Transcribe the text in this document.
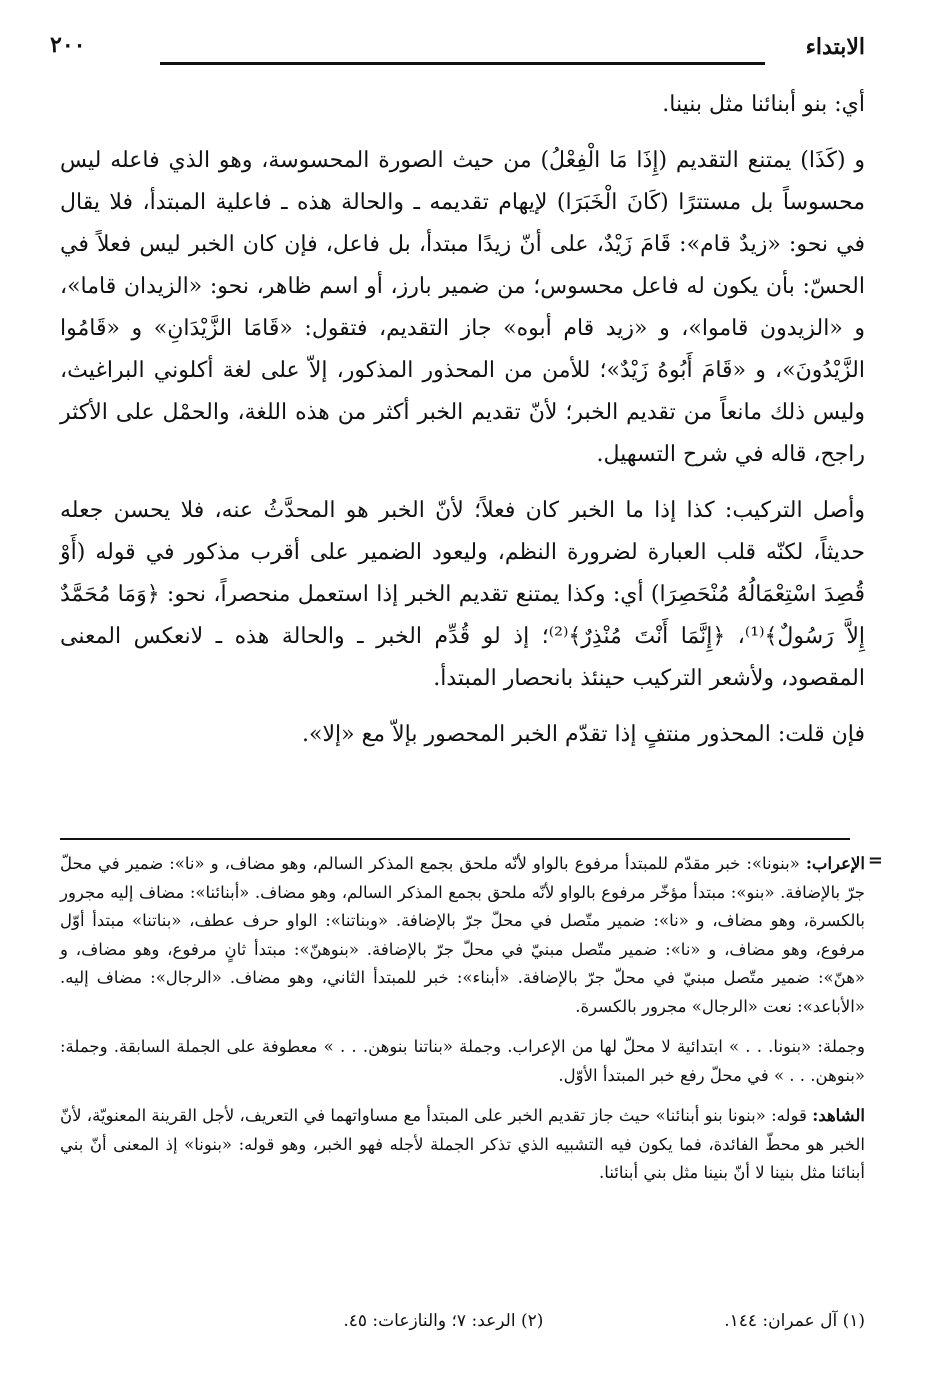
الابتداء
٢٠٠

أي: بنو أبنائنا مثل بنينا.

و (كَذَا) يمتنع التقديم (إِذَا مَا الْفِعْلُ) من حيث الصورة المحسوسة، وهو الذي فاعله ليس محسوساً بل مستترًا (كَانَ الْخَبَرَا) لإيهام تقديمه ـ والحالة هذه ـ فاعلية المبتدأ، فلا يقال في نحو: «زيدٌ قام»: قَامَ زَيْدٌ، على أنّ زيدًا مبتدأ، بل فاعل، فإن كان الخبر ليس فعلاً في الحسّ: بأن يكون له فاعل محسوس؛ من ضمير بارز، أو اسم ظاهر، نحو: «الزيدان قاما»، و «الزيدون قاموا»، و «زيد قام أبوه» جاز التقديم، فتقول: «قَامَا الزَّيْدَانِ» و «قَامُوا الزَّيْدُونَ»، و «قَامَ أَبُوهُ زَيْدٌ»؛ للأمن من المحذور المذكور، إلاّ على لغة أكلوني البراغيث، وليس ذلك مانعاً من تقديم الخبر؛ لأنّ تقديم الخبر أكثر من هذه اللغة، والحمْل على الأكثر راجح، قاله في شرح التسهيل.

وأصل التركيب: كذا إذا ما الخبر كان فعلاً؛ لأنّ الخبر هو المحدَّثُ عنه، فلا يحسن جعله حديثاً، لكنّه قلب العبارة لضرورة النظم، وليعود الضمير على أقرب مذكور في قوله (أَوْ قُصِدَ اسْتِعْمَالُهُ مُنْحَصِرَا) أي: وكذا يمتنع تقديم الخبر إذا استعمل منحصراً، نحو: ﴿وَمَا مُحَمَّدٌ إِلاَّ رَسُولٌ﴾⁽¹⁾، ﴿إِنَّمَا أَنْتَ مُنْذِرٌ﴾⁽²⁾؛ إذ لو قُدِّم الخبر ـ والحالة هذه ـ لانعكس المعنى المقصود، ولأشعر التركيب حينئذ بانحصار المبتدأ.

فإن قلت: المحذور منتفٍ إذا تقدّم الخبر المحصور بإلاّ مع «إلا».

=

الإعراب: «بنونا»: خبر مقدّم للمبتدأ مرفوع بالواو لأنّه ملحق بجمع المذكر السالم، وهو مضاف، و «نا»: ضمير في محلّ جرّ بالإضافة. «بنو»: مبتدأ مؤخّر مرفوع بالواو لأنّه ملحق بجمع المذكر السالم، وهو مضاف. «أبنائنا»: مضاف إليه مجرور بالكسرة، وهو مضاف، و «نا»: ضمير متّصل في محلّ جرّ بالإضافة. «وبناتنا»: الواو حرف عطف، «بناتنا» مبتدأ أوّل مرفوع، وهو مضاف، و «نا»: ضمير متّصل مبنيّ في محلّ جرّ بالإضافة. «بنوهنّ»: مبتدأ ثانٍ مرفوع، وهو مضاف، و «هنّ»: ضمير متّصل مبنيّ في محلّ جرّ بالإضافة. «أبناء»: خبر للمبتدأ الثاني، وهو مضاف. «الرجال»: مضاف إليه. «الأباعد»: نعت «الرجال» مجرور بالكسرة.

وجملة: «بنونا. . . » ابتدائية لا محلّ لها من الإعراب. وجملة «بناتنا بنوهن. . . » معطوفة على الجملة السابقة. وجملة: «بنوهن. . . » في محلّ رفع خبر المبتدأ الأوّل.

الشاهد: قوله: «بنونا بنو أبنائنا» حيث جاز تقديم الخبر على المبتدأ مع مساواتهما في التعريف، لأجل القرينة المعنويّة، لأنّ الخبر هو محطّ الفائدة، فما يكون فيه التشبيه الذي تذكر الجملة لأجله فهو الخبر، وهو قوله: «بنونا» إذ المعنى أنّ بني أبنائنا مثل بنينا لا أنّ بنينا مثل بني أبنائنا.

(١) آل عمران: ١٤٤.  (٢) الرعد: ٧؛ والنازعات: ٤٥.
